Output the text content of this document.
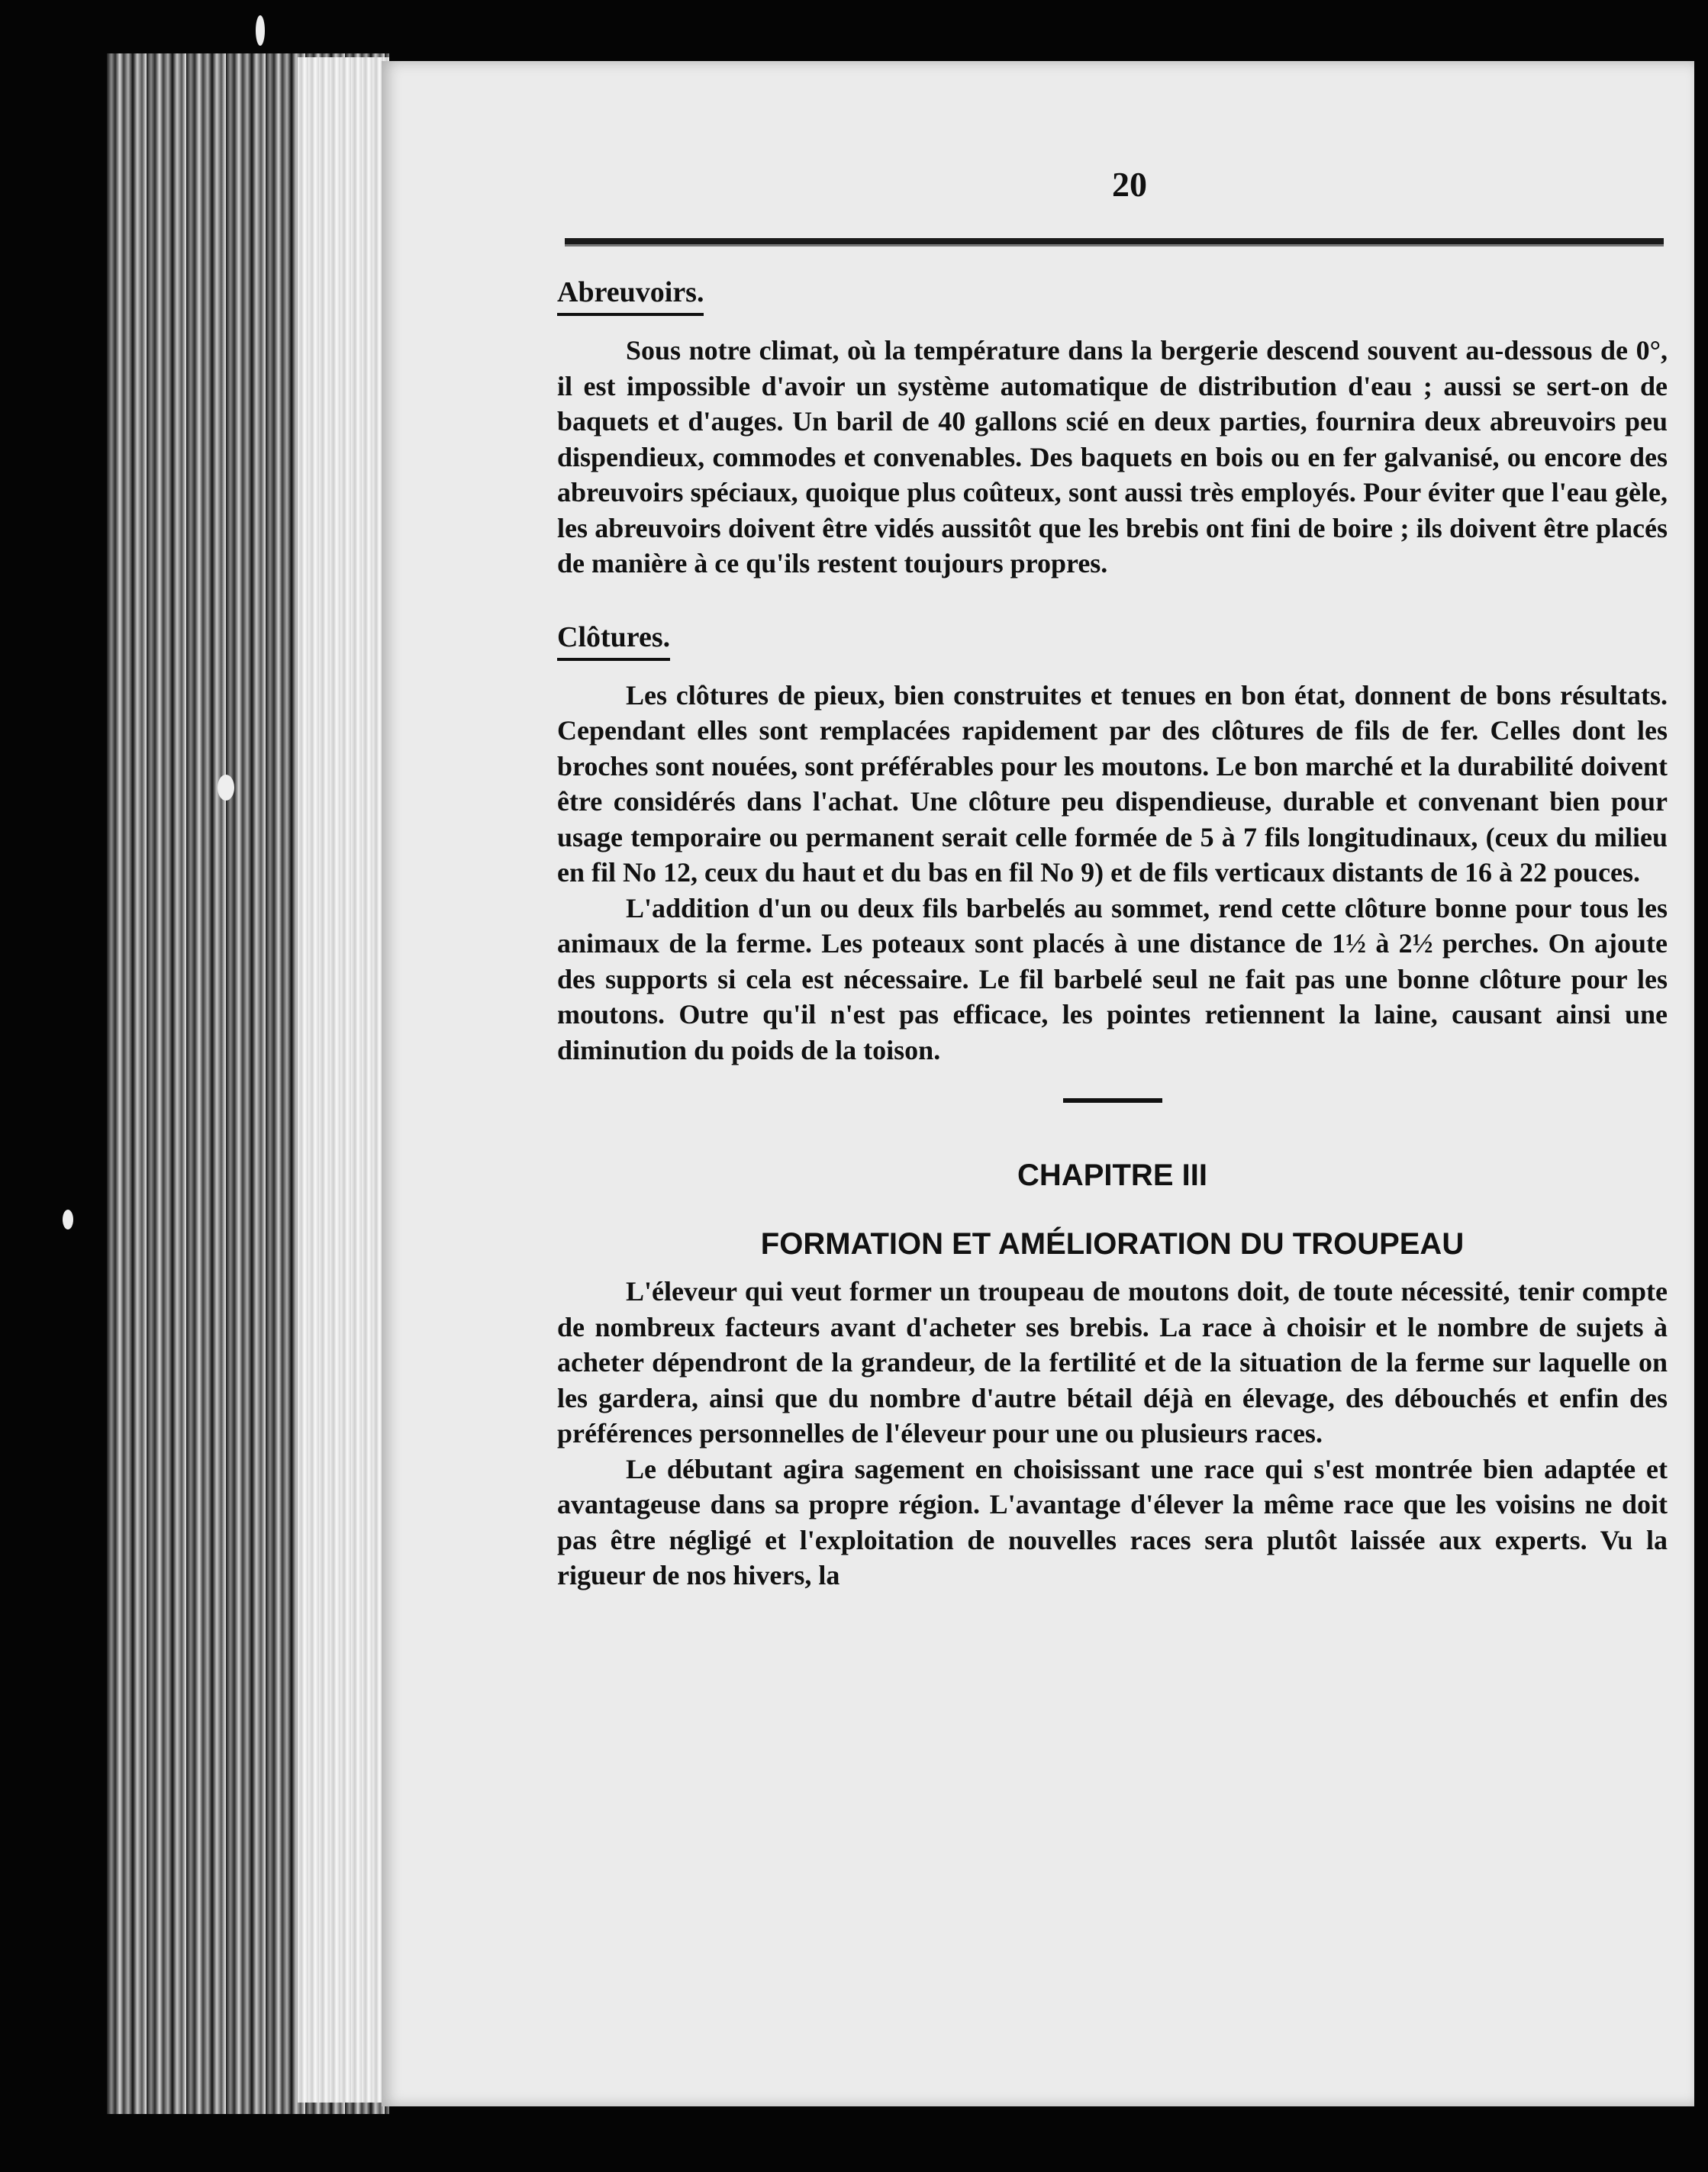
20
Abreuvoirs.

Sous notre climat, où la température dans la bergerie descend souvent au-dessous de 0°, il est impossible d'avoir un système automatique de distribution d'eau ; aussi se sert-on de baquets et d'auges. Un baril de 40 gallons scié en deux parties, fournira deux abreuvoirs peu dispendieux, commodes et convenables. Des baquets en bois ou en fer galvanisé, ou encore des abreuvoirs spéciaux, quoique plus coûteux, sont aussi très employés. Pour éviter que l'eau gèle, les abreuvoirs doivent être vidés aussitôt que les brebis ont fini de boire ; ils doivent être placés de manière à ce qu'ils restent toujours propres.

Clôtures.

Les clôtures de pieux, bien construites et tenues en bon état, donnent de bons résultats. Cependant elles sont remplacées rapidement par des clôtures de fils de fer. Celles dont les broches sont nouées, sont préférables pour les moutons. Le bon marché et la durabilité doivent être considérés dans l'achat. Une clôture peu dispendieuse, durable et convenant bien pour usage temporaire ou permanent serait celle formée de 5 à 7 fils longitudinaux, (ceux du milieu en fil No 12, ceux du haut et du bas en fil No 9) et de fils verticaux distants de 16 à 22 pouces.

L'addition d'un ou deux fils barbelés au sommet, rend cette clôture bonne pour tous les animaux de la ferme. Les poteaux sont placés à une distance de 1½ à 2½ perches. On ajoute des supports si cela est nécessaire. Le fil barbelé seul ne fait pas une bonne clôture pour les moutons. Outre qu'il n'est pas efficace, les pointes retiennent la laine, causant ainsi une diminution du poids de la toison.

CHAPITRE III
FORMATION ET AMÉLIORATION DU TROUPEAU

L'éleveur qui veut former un troupeau de moutons doit, de toute nécessité, tenir compte de nombreux facteurs avant d'acheter ses brebis. La race à choisir et le nombre de sujets à acheter dépendront de la grandeur, de la fertilité et de la situation de la ferme sur laquelle on les gardera, ainsi que du nombre d'autre bétail déjà en élevage, des débouchés et enfin des préférences personnelles de l'éleveur pour une ou plusieurs races.

Le débutant agira sagement en choisissant une race qui s'est montrée bien adaptée et avantageuse dans sa propre région. L'avantage d'élever la même race que les voisins ne doit pas être négligé et l'exploitation de nouvelles races sera plutôt laissée aux experts. Vu la rigueur de nos hivers, la
